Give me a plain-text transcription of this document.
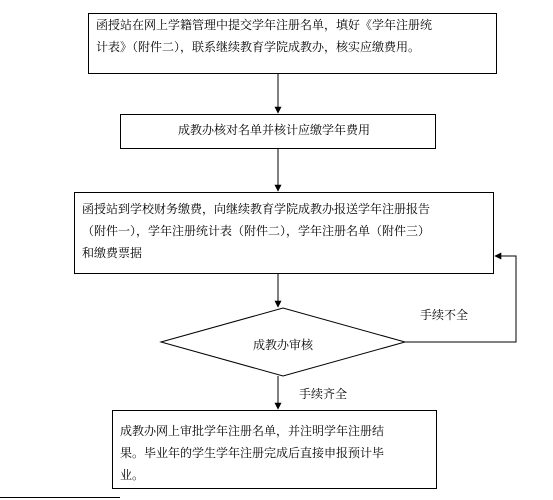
函授站在网上学籍管理中提交学年注册名单，填好《学年注册统
计表》（附件二），联系继续教育学院成教办，核实应缴费用。
成教办核对名单并核计应缴学年费用
函授站到学校财务缴费，向继续教育学院成教办报送学年注册报告
（附件一），学年注册统计表（附件二），学年注册名单（附件三）
和缴费票据
成教办审核
手续不全
手续齐全
成教办网上审批学年注册名单，并注明学年注册结
果。毕业年的学生学年注册完成后直接申报预计毕
业。
